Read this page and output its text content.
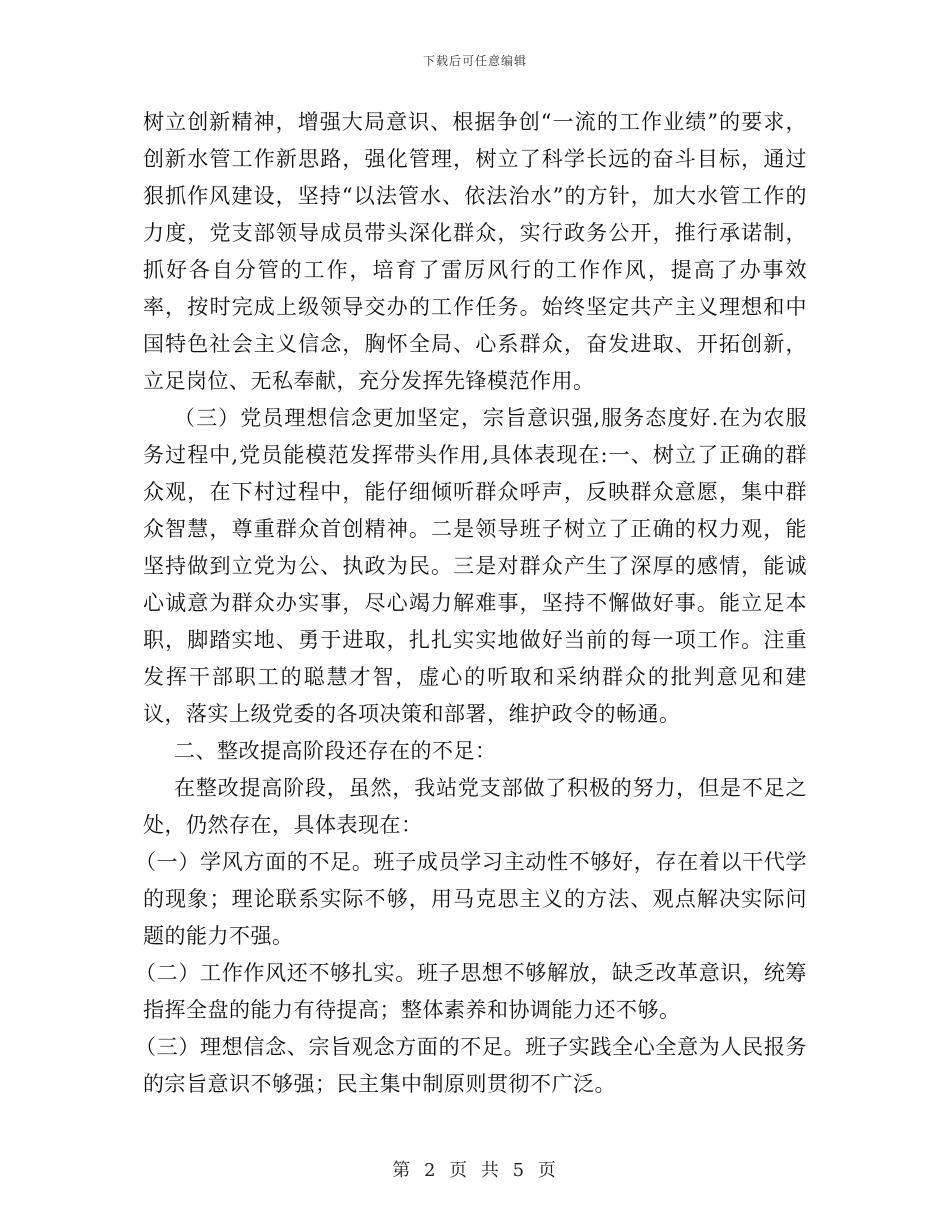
下载后可任意编辑

树立创新精神，增强大局意识、根据争创“一流的工作业绩”的要求，创新水管工作新思路，强化管理，树立了科学长远的奋斗目标，通过狠抓作风建设，坚持“以法管水、依法治水”的方针，加大水管工作的力度，党支部领导成员带头深化群众，实行政务公开，推行承诺制，抓好各自分管的工作，培育了雷厉风行的工作作风，提高了办事效率，按时完成上级领导交办的工作任务。始终坚定共产主义理想和中国特色社会主义信念，胸怀全局、心系群众，奋发进取、开拓创新，立足岗位、无私奉献，充分发挥先锋模范作用。

（三）党员理想信念更加坚定，宗旨意识强,服务态度好.在为农服务过程中,党员能模范发挥带头作用,具体表现在:一、树立了正确的群众观，在下村过程中，能仔细倾听群众呼声，反映群众意愿，集中群众智慧，尊重群众首创精神。二是领导班子树立了正确的权力观，能坚持做到立党为公、执政为民。三是对群众产生了深厚的感情，能诚心诚意为群众办实事，尽心竭力解难事，坚持不懈做好事。能立足本职，脚踏实地、勇于进取，扎扎实实地做好当前的每一项工作。注重发挥干部职工的聪慧才智，虚心的听取和采纳群众的批判意见和建议，落实上级党委的各项决策和部署，维护政令的畅通。

二、整改提高阶段还存在的不足：

在整改提高阶段，虽然，我站党支部做了积极的努力，但是不足之处，仍然存在，具体表现在：

（一）学风方面的不足。班子成员学习主动性不够好，存在着以干代学的现象；理论联系实际不够，用马克思主义的方法、观点解决实际问题的能力不强。

（二）工作作风还不够扎实。班子思想不够解放，缺乏改革意识，统筹指挥全盘的能力有待提高；整体素养和协调能力还不够。

（三）理想信念、宗旨观念方面的不足。班子实践全心全意为人民报务的宗旨意识不够强；民主集中制原则贯彻不广泛。

第 2 页 共 5 页
